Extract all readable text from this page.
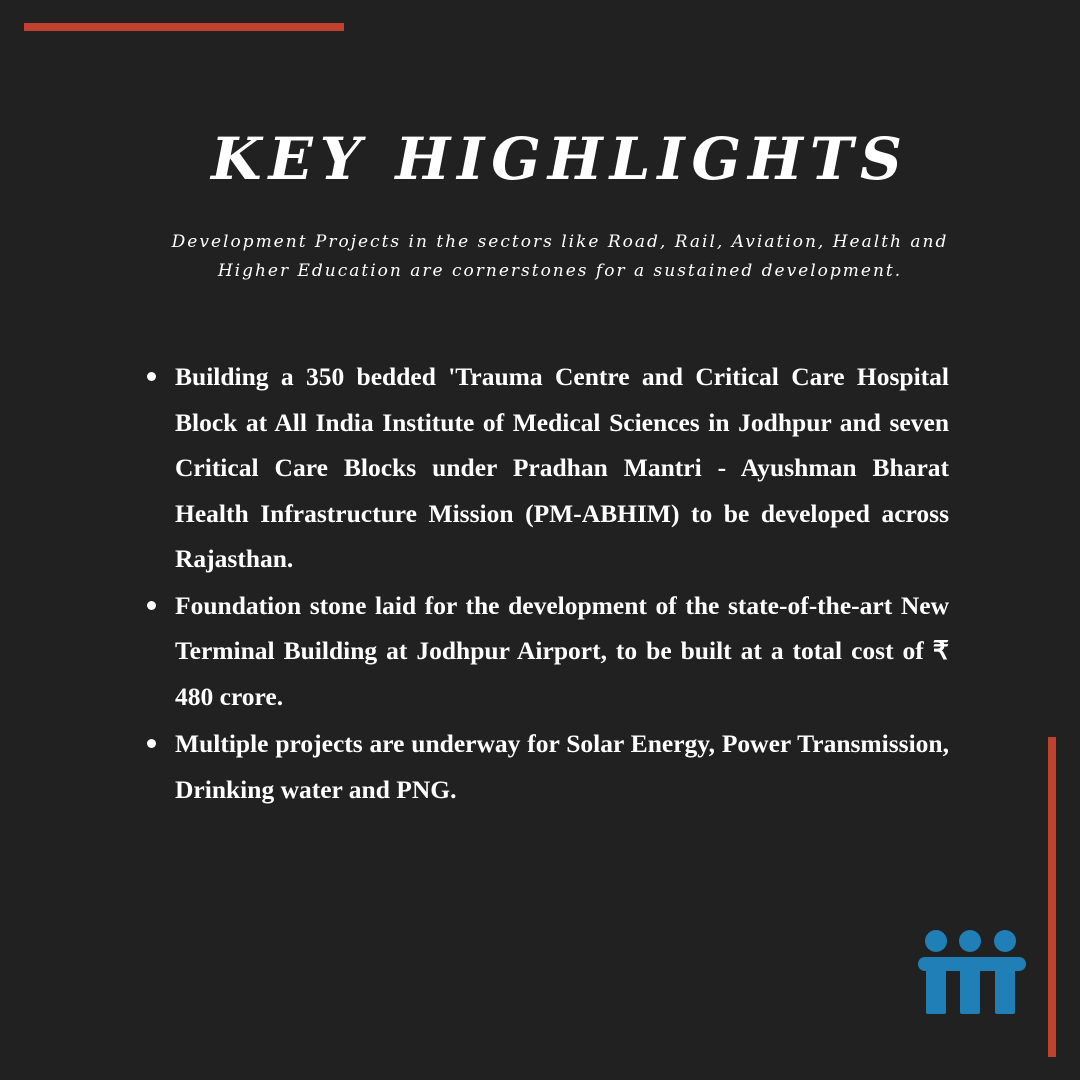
KEY HIGHLIGHTS

Development Projects in the sectors like Road, Rail, Aviation, Health and Higher Education are cornerstones for a sustained development.

Building a 350 bedded 'Trauma Centre and Critical Care Hospital Block at All India Institute of Medical Sciences in Jodhpur and seven Critical Care Blocks under Pradhan Mantri - Ayushman Bharat Health Infrastructure Mission (PM-ABHIM) to be developed across Rajasthan.
Foundation stone laid for the development of the state-of-the-art New Terminal Building at Jodhpur Airport, to be built at a total cost of ₹ 480 crore.
Multiple projects are underway for Solar Energy, Power Transmission, Drinking water and PNG.
